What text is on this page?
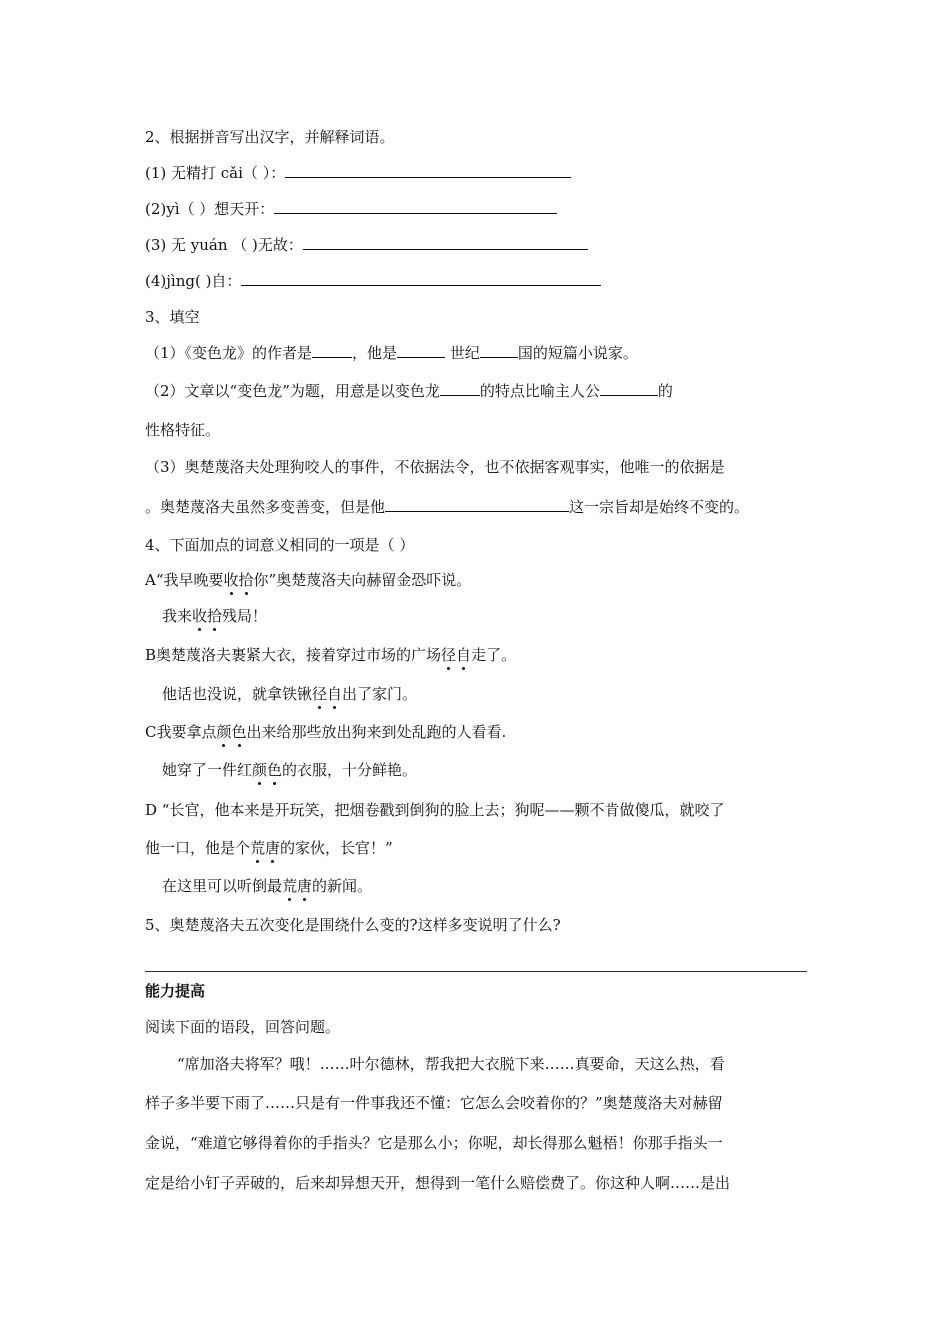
2、根据拼音写出汉字，并解释词语。
(1) 无精打 cǎi（ ）：
(2)yì（ ）想天开：
(3) 无 yuán （ )无故：
(4)jìng( )自：
3、填空
（1）《变色龙》的作者是	，他是	世纪	国的短篇小说家。
（2）文章以“变色龙”为题，用意是以变色龙	的特点比喻主人公	的
性格特征。
（3）奥楚蔑洛夫处理狗咬人的事件，不依据法令，也不依据客观事实，他唯一的依据是
。奥楚蔑洛夫虽然多变善变，但是他	这一宗旨却是始终不变的。
4、下面加点的词意义相同的一项是（ ）
A“我早晚要收拾你”奥楚蔑洛夫向赫留金恐吓说。
我来收拾残局！
B奥楚蔑洛夫裹紧大衣，接着穿过市场的广场径自走了。
他话也没说，就拿铁锹径自出了家门。
C我要拿点颜色出来给那些放出狗来到处乱跑的人看看.
她穿了一件红颜色的衣服，十分鲜艳。
D “长官，他本来是开玩笑，把烟卷戳到倒狗的脸上去；狗呢——颗不肯做傻瓜，就咬了
他一口，他是个荒唐的家伙，长官！”
在这里可以听倒最荒唐的新闻。
5、奥楚蔑洛夫五次变化是围绕什么变的?这样多变说明了什么?
能力提高
阅读下面的语段，回答问题。
“席加洛夫将军？哦！……叶尔德林，帮我把大衣脱下来……真要命，天这么热，看
样子多半要下雨了……只是有一件事我还不懂：它怎么会咬着你的？”奥楚蔑洛夫对赫留
金说，“难道它够得着你的手指头？它是那么小；你呢，却长得那么魁梧！你那手指头一
定是给小钉子弄破的，后来却异想天开，想得到一笔什么赔偿费了。你这种人啊……是出
